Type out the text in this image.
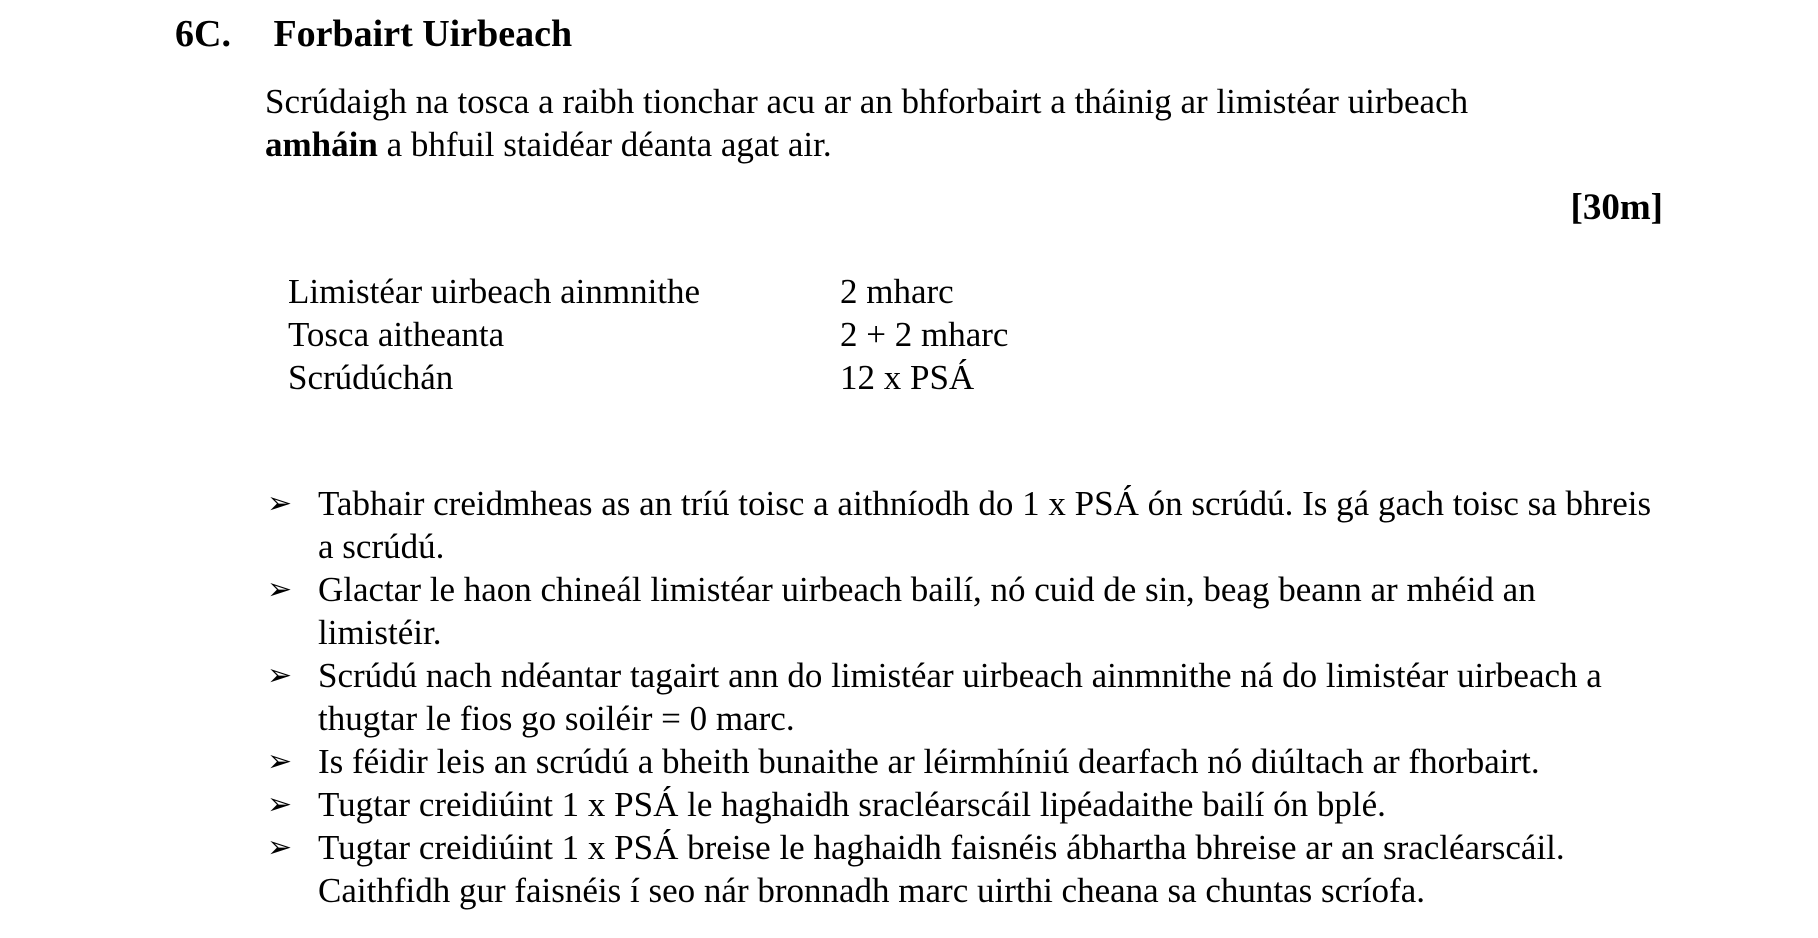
6C. Forbairt Uirbeach

Scrúdaigh na tosca a raibh tionchar acu ar an bhforbairt a tháinig ar limistéar uirbeach
amháin a bhfuil staidéar déanta agat air.

[30m]
Limistéar uirbeach ainmnithe	2 mharc
Tosca aitheanta	2 + 2 mharc
Scrúdúchán	12 x PSÁ
➢ Tabhair creidmheas as an tríú toisc a aithníodh do 1 x PSÁ ón scrúdú. Is gá gach toisc sa bhreis a scrúdú.
➢ Glactar le haon chineál limistéar uirbeach bailí, nó cuid de sin, beag beann ar mhéid an limistéir.
➢ Scrúdú nach ndéantar tagairt ann do limistéar uirbeach ainmnithe ná do limistéar uirbeach a thugtar le fios go soiléir = 0 marc.
➢ Is féidir leis an scrúdú a bheith bunaithe ar léirmhíniú dearfach nó diúltach ar fhorbairt.
➢ Tugtar creidiúint 1 x PSÁ le haghaidh sracléarscáil lipéadaithe bailí ón bplé.
➢ Tugtar creidiúint 1 x PSÁ breise le haghaidh faisnéis ábhartha bhreise ar an sracléarscáil. Caithfidh gur faisnéis í seo nár bronnadh marc uirthi cheana sa chuntas scríofa.
